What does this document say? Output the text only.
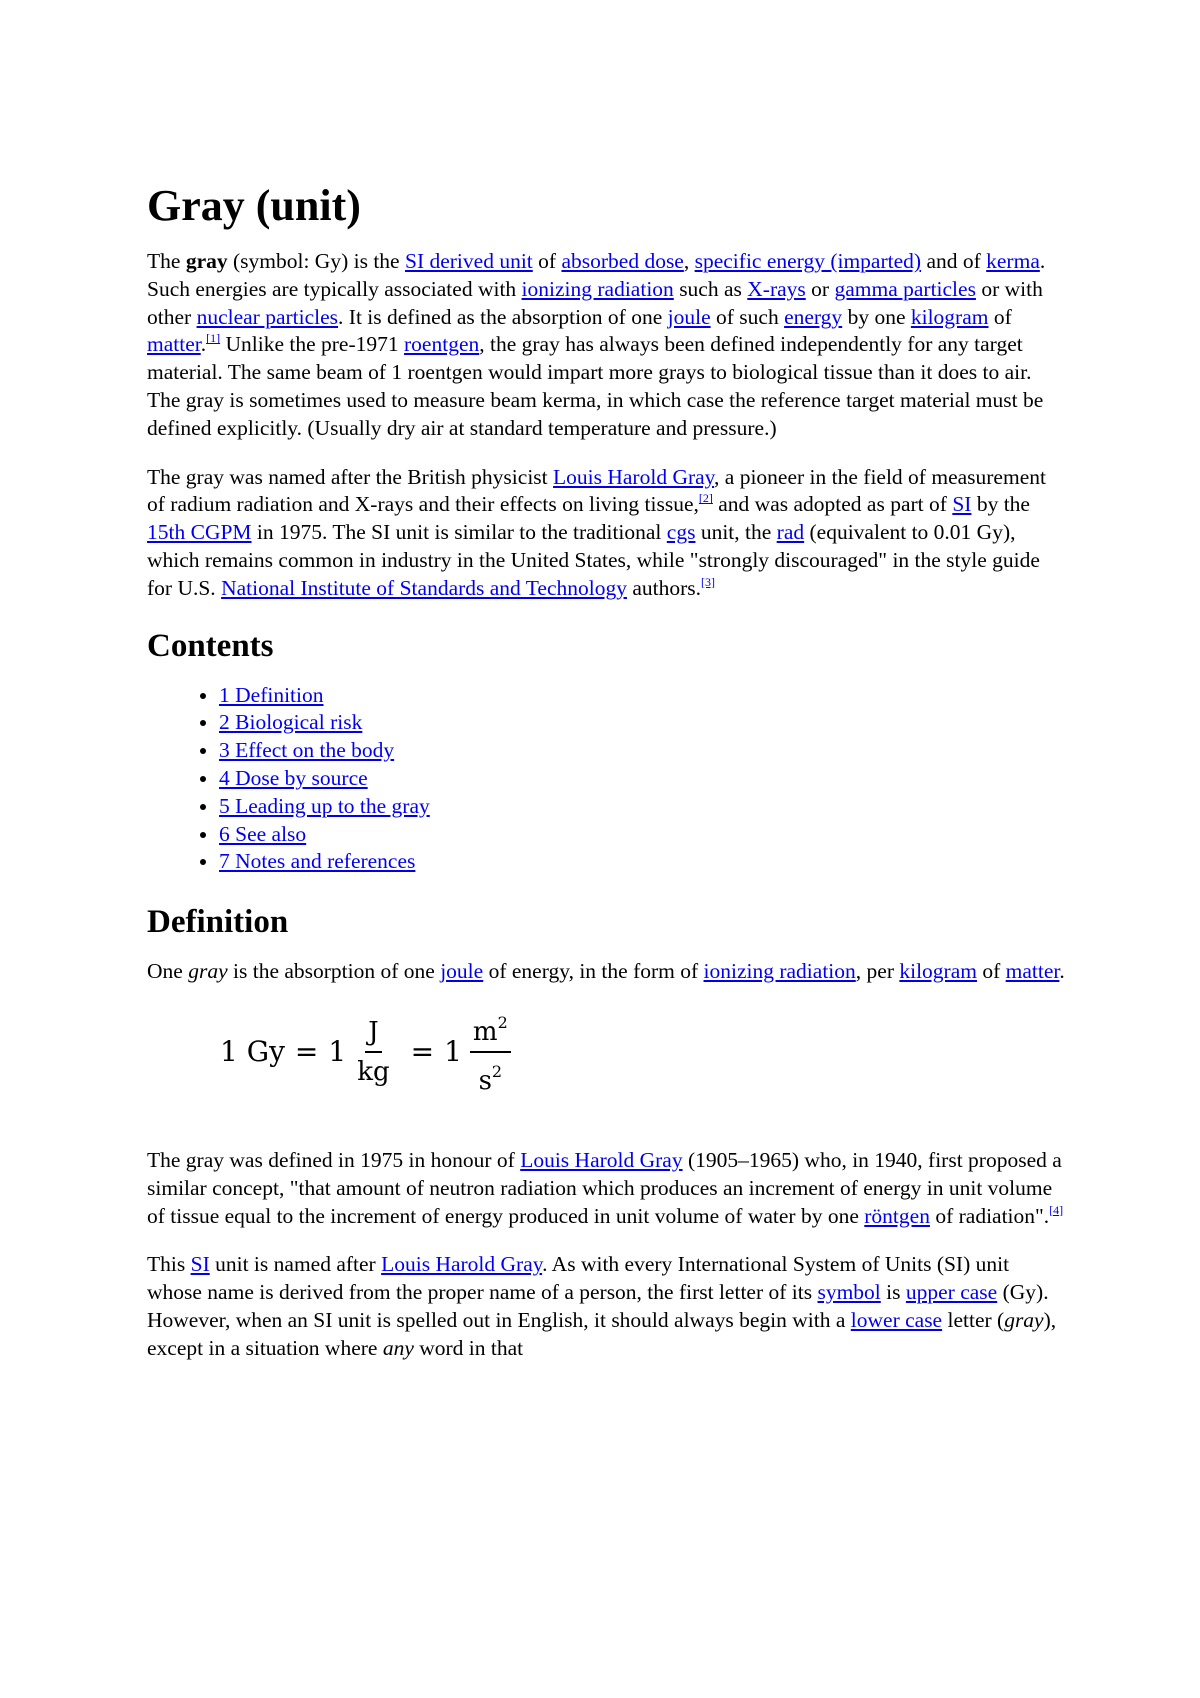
Gray (unit)

The gray (symbol: Gy) is the SI derived unit of absorbed dose, specific energy (imparted) and of kerma. Such energies are typically associated with ionizing radiation such as X-rays or gamma particles or with other nuclear particles. It is defined as the absorption of one joule of such energy by one kilogram of matter.[1] Unlike the pre-1971 roentgen, the gray has always been defined independently for any target material. The same beam of 1 roentgen would impart more grays to biological tissue than it does to air. The gray is sometimes used to measure beam kerma, in which case the reference target material must be defined explicitly. (Usually dry air at standard temperature and pressure.)

The gray was named after the British physicist Louis Harold Gray, a pioneer in the field of measurement of radium radiation and X-rays and their effects on living tissue,[2] and was adopted as part of SI by the 15th CGPM in 1975. The SI unit is similar to the traditional cgs unit, the rad (equivalent to 0.01 Gy), which remains common in industry in the United States, while "strongly discouraged" in the style guide for U.S. National Institute of Standards and Technology authors.[3]

Contents
• 1 Definition
• 2 Biological risk
• 3 Effect on the body
• 4 Dose by source
• 5 Leading up to the gray
• 6 See also
• 7 Notes and references
Definition

One gray is the absorption of one joule of energy, in the form of ionizing radiation, per kilogram of matter.

1 $Gy = 1 \frac{J}{kg} = 1 \frac{m^2}{s^2}$

The gray was defined in 1975 in honour of Louis Harold Gray (1905–1965) who, in 1940, first proposed a similar concept, "that amount of neutron radiation which produces an increment of energy in unit volume of tissue equal to the increment of energy produced in unit volume of water by one röntgen of radiation".[4]

This SI unit is named after Louis Harold Gray. As with every International System of Units (SI) unit whose name is derived from the proper name of a person, the first letter of its symbol is upper case (Gy). However, when an SI unit is spelled out in English, it should always begin with a lower case letter (gray), except in a situation where any word in that
